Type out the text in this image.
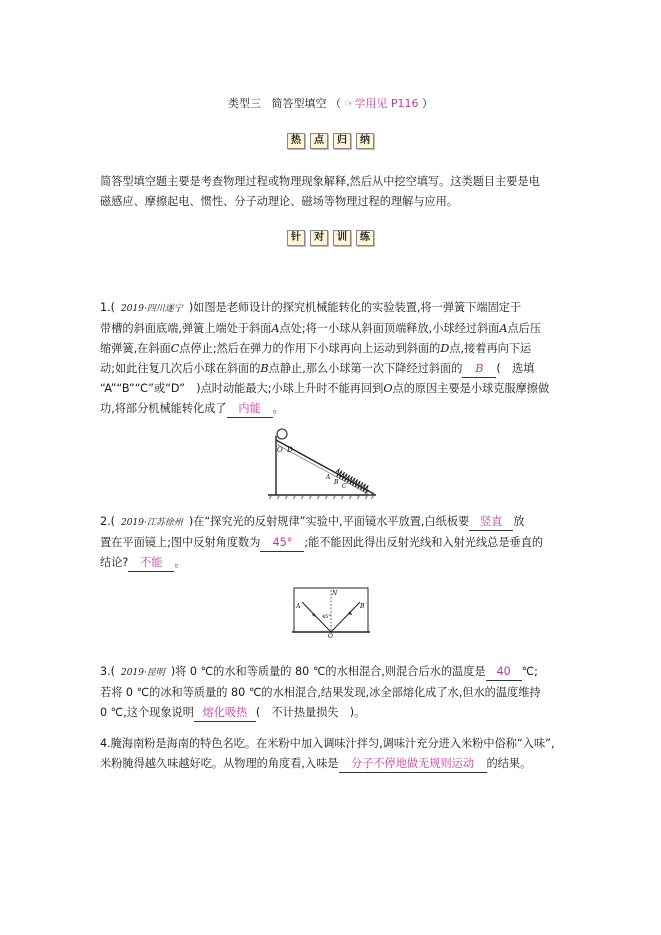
类型三 简答型填空 （ ☞学用见 P116 ）
热	点	归	纳
简答型填空题主要是考查物理过程或物理现象解释,然后从中挖空填写。这类题目主要是电
磁感应、摩擦起电、惯性、分子动理论、磁场等物理过程的理解与应用。
针	对	训	练
1.( 2019·四川遂宁 )如图是老师设计的探究机械能转化的实验装置,将一弹簧下端固定于
带槽的斜面底端,弹簧上端处于斜面A点处;将一小球从斜面顶端释放,小球经过斜面A点后压
缩弹簧,在斜面C点停止;然后在弹力的作用下小球再向上运动到斜面的D点,接着再向下运
动;如此往复几次后小球在斜面的B点静止,那么小球第一次下降经过斜面的 B (　选填
“A”“B”“C”或“D”　)点时动能最大;小球上升时不能再回到O点的原因主要是小球克服摩擦做
功,将部分机械能转化成了 内能 。
O D
A
B
C
2.( 2019·江苏徐州 )在“探究光的反射规律”实验中,平面镜水平放置,白纸板要 竖直 放
置在平面镜上;图中反射角度数为 45° ;能不能因此得出反射光线和入射光线总是垂直的
结论? 不能 。
A
N
B
45°
O
3.( 2019·昆明 )将 0 ℃的水和等质量的 80 ℃的水相混合,则混合后水的温度是 40 ℃;
若将 0 ℃的冰和等质量的 80 ℃的水相混合,结果发现,冰全部熔化成了水,但水的温度维持
0 ℃,这个现象说明 熔化吸热 (　不计热量损失　)。
4.腌海南粉是海南的特色名吃。在米粉中加入调味汁拌匀,调味汁充分进入米粉中俗称“入味”,
米粉腌得越久味越好吃。从物理的角度看,入味是 分子不停地做无规则运动 的结果。
